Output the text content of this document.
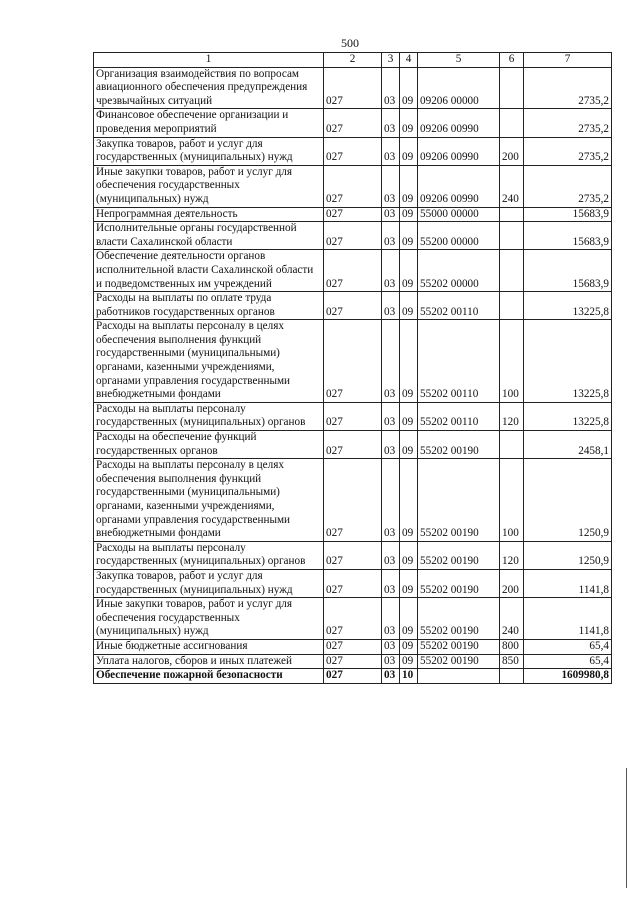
500
1	2	3	4	5	6	7
Организация взаимодействия по вопросам авиационного обеспечения предупреждения чрезвычайных ситуаций	027	03	09	09206 00000		2735,2
Финансовое обеспечение организации и проведения мероприятий	027	03	09	09206 00990		2735,2
Закупка товаров, работ и услуг для государственных (муниципальных) нужд	027	03	09	09206 00990	200	2735,2
Иные закупки товаров, работ и услуг для обеспечения государственных (муниципальных) нужд	027	03	09	09206 00990	240	2735,2
Непрограммная деятельность	027	03	09	55000 00000		15683,9
Исполнительные органы государственной власти Сахалинской области	027	03	09	55200 00000		15683,9
Обеспечение деятельности органов исполнительной власти Сахалинской области и подведомственных им учреждений	027	03	09	55202 00000		15683,9
Расходы на выплаты по оплате труда работников государственных органов	027	03	09	55202 00110		13225,8
Расходы на выплаты персоналу в целях обеспечения выполнения функций государственными (муниципальными) органами, казенными учреждениями, органами управления государственными внебюджетными фондами	027	03	09	55202 00110	100	13225,8
Расходы на выплаты персоналу государственных (муниципальных) органов	027	03	09	55202 00110	120	13225,8
Расходы на обеспечение функций государственных органов	027	03	09	55202 00190		2458,1
Расходы на выплаты персоналу в целях обеспечения выполнения функций государственными (муниципальными) органами, казенными учреждениями, органами управления государственными внебюджетными фондами	027	03	09	55202 00190	100	1250,9
Расходы на выплаты персоналу государственных (муниципальных) органов	027	03	09	55202 00190	120	1250,9
Закупка товаров, работ и услуг для государственных (муниципальных) нужд	027	03	09	55202 00190	200	1141,8
Иные закупки товаров, работ и услуг для обеспечения государственных (муниципальных) нужд	027	03	09	55202 00190	240	1141,8
Иные бюджетные ассигнования	027	03	09	55202 00190	800	65,4
Уплата налогов, сборов и иных платежей	027	03	09	55202 00190	850	65,4
Обеспечение пожарной безопасности	027	03	10			1609980,8
